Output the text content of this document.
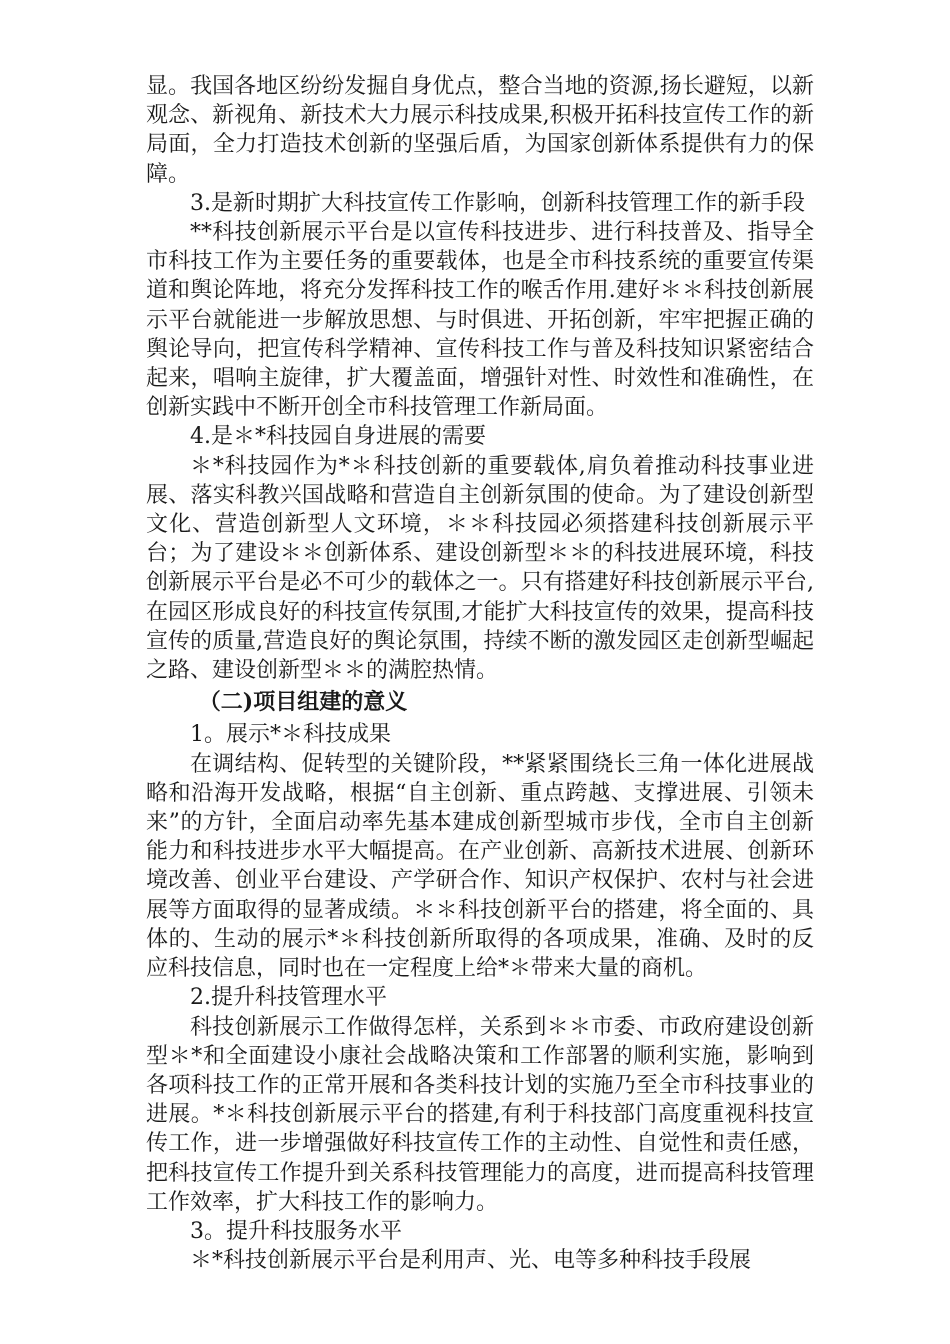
显。我国各地区纷纷发掘自身优点，整合当地的资源,扬长避短，以新观念、新视角、新技术大力展示科技成果,积极开拓科技宣传工作的新局面，全力打造技术创新的坚强后盾，为国家创新体系提供有力的保障。

3.是新时期扩大科技宣传工作影响，创新科技管理工作的新手段

**科技创新展示平台是以宣传科技进步、进行科技普及、指导全市科技工作为主要任务的重要载体，也是全市科技系统的重要宣传渠道和舆论阵地，将充分发挥科技工作的喉舌作用.建好＊＊科技创新展示平台就能进一步解放思想、与时俱进、开拓创新，牢牢把握正确的舆论导向，把宣传科学精神、宣传科技工作与普及科技知识紧密结合起来，唱响主旋律，扩大覆盖面，增强针对性、时效性和准确性，在创新实践中不断开创全市科技管理工作新局面。

4.是＊*科技园自身进展的需要

＊*科技园作为*＊科技创新的重要载体,肩负着推动科技事业进展、落实科教兴国战略和营造自主创新氛围的使命。为了建设创新型文化、营造创新型人文环境，＊＊科技园必须搭建科技创新展示平台；为了建设＊＊创新体系、建设创新型＊＊的科技进展环境，科技创新展示平台是必不可少的载体之一。只有搭建好科技创新展示平台,在园区形成良好的科技宣传氛围,才能扩大科技宣传的效果，提高科技宣传的质量,营造良好的舆论氛围，持续不断的激发园区走创新型崛起之路、建设创新型＊＊的满腔热情。

（二)项目组建的意义

1。展示*＊科技成果

在调结构、促转型的关键阶段，**紧紧围绕长三角一体化进展战略和沿海开发战略，根据“自主创新、重点跨越、支撑进展、引领未来”的方针，全面启动率先基本建成创新型城市步伐，全市自主创新能力和科技进步水平大幅提高。在产业创新、高新技术进展、创新环境改善、创业平台建设、产学研合作、知识产权保护、农村与社会进展等方面取得的显著成绩。＊＊科技创新平台的搭建，将全面的、具体的、生动的展示*＊科技创新所取得的各项成果，准确、及时的反应科技信息，同时也在一定程度上给*＊带来大量的商机。

2.提升科技管理水平

科技创新展示工作做得怎样，关系到＊＊市委、市政府建设创新型＊*和全面建设小康社会战略决策和工作部署的顺利实施，影响到各项科技工作的正常开展和各类科技计划的实施乃至全市科技事业的进展。*＊科技创新展示平台的搭建,有利于科技部门高度重视科技宣传工作，进一步增强做好科技宣传工作的主动性、自觉性和责任感，把科技宣传工作提升到关系科技管理能力的高度，进而提高科技管理工作效率，扩大科技工作的影响力。

3。提升科技服务水平

＊*科技创新展示平台是利用声、光、电等多种科技手段展
